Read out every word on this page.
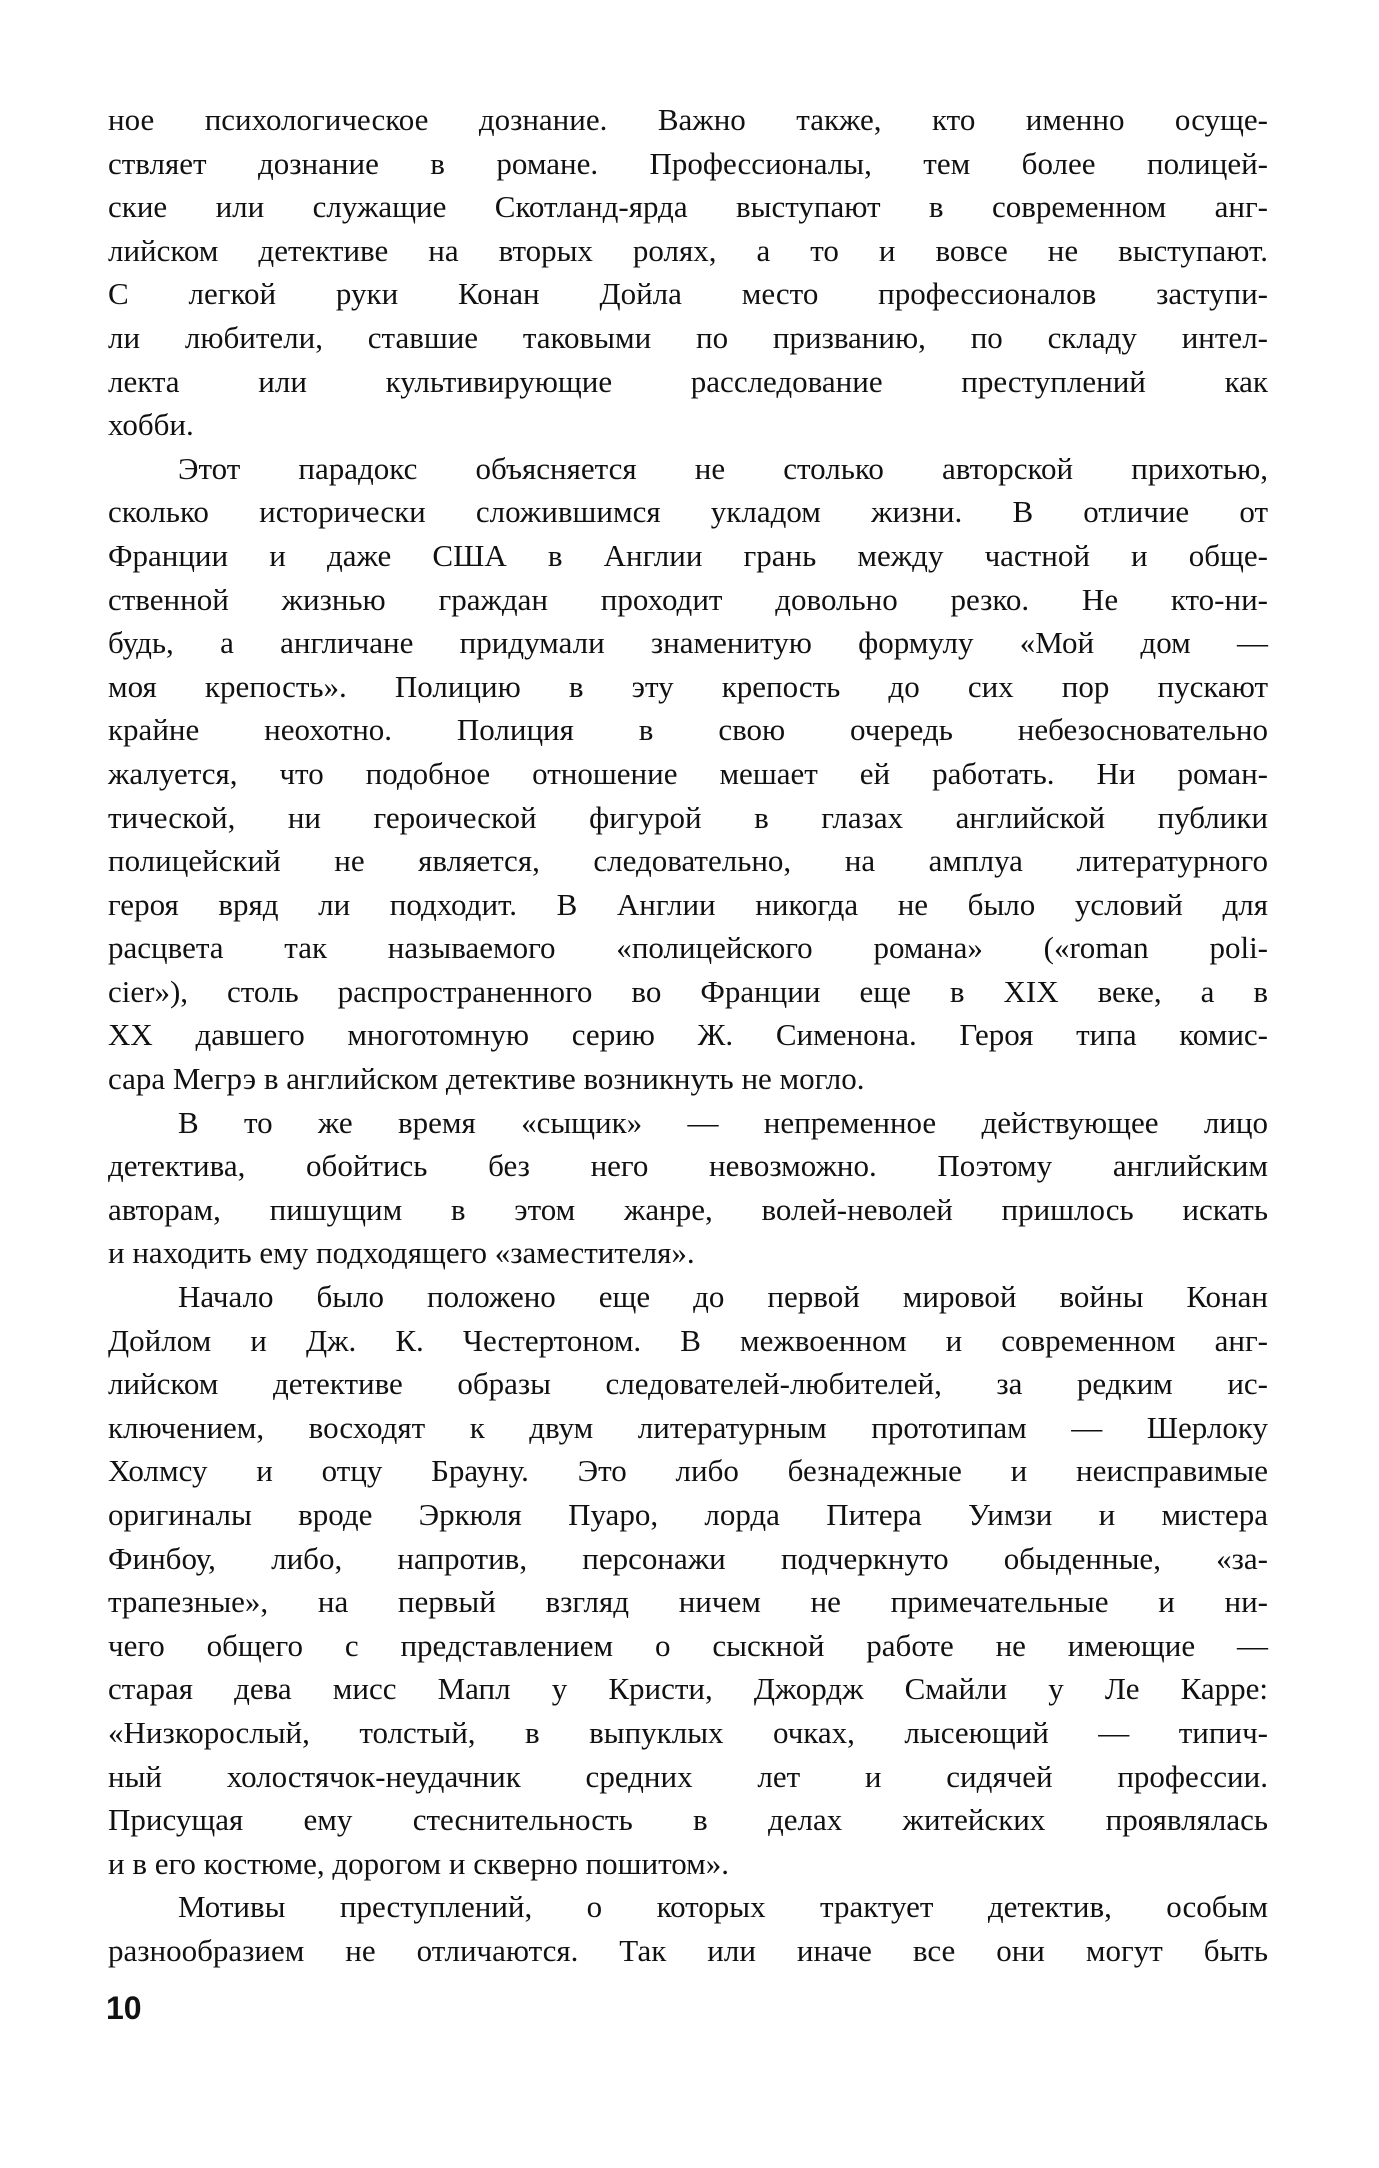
ное психологическое дознание. Важно также, кто именно осуще-
ствляет дознание в романе. Профессионалы, тем более полицей-
ские или служащие Скотланд-ярда выступают в современном анг-
лийском детективе на вторых ролях, а то и вовсе не выступают.
С легкой руки Конан Дойла место профессионалов заступи-
ли любители, ставшие таковыми по призванию, по складу интел-
лекта или культивирующие расследование преступлений как
хобби.
Этот парадокс объясняется не столько авторской прихотью,
сколько исторически сложившимся укладом жизни. В отличие от
Франции и даже США в Англии грань между частной и обще-
ственной жизнью граждан проходит довольно резко. Не кто-ни-
будь, а англичане придумали знаменитую формулу «Мой дом —
моя крепость». Полицию в эту крепость до сих пор пускают
крайне неохотно. Полиция в свою очередь небезосновательно
жалуется, что подобное отношение мешает ей работать. Ни роман-
тической, ни героической фигурой в глазах английской публики
полицейский не является, следовательно, на амплуа литературного
героя вряд ли подходит. В Англии никогда не было условий для
расцвета так называемого «полицейского романа» («roman poli-
cier»), столь распространенного во Франции еще в XIX веке, а в
XX давшего многотомную серию Ж. Сименона. Героя типа комис-
сара Мегрэ в английском детективе возникнуть не могло.
В то же время «сыщик» — непременное действующее лицо
детектива, обойтись без него невозможно. Поэтому английским
авторам, пишущим в этом жанре, волей-неволей пришлось искать
и находить ему подходящего «заместителя».
Начало было положено еще до первой мировой войны Конан
Дойлом и Дж. К. Честертоном. В межвоенном и современном анг-
лийском детективе образы следователей-любителей, за редким ис-
ключением, восходят к двум литературным прототипам — Шерлоку
Холмсу и отцу Брауну. Это либо безнадежные и неисправимые
оригиналы вроде Эркюля Пуаро, лорда Питера Уимзи и мистера
Финбоу, либо, напротив, персонажи подчеркнуто обыденные, «за-
трапезные», на первый взгляд ничем не примечательные и ни-
чего общего с представлением о сыскной работе не имеющие —
старая дева мисс Мапл у Кристи, Джордж Смайли у Ле Карре:
«Низкорослый, толстый, в выпуклых очках, лысеющий — типич-
ный холостячок-неудачник средних лет и сидячей профессии.
Присущая ему стеснительность в делах житейских проявлялась
и в его костюме, дорогом и скверно пошитом».
Мотивы преступлений, о которых трактует детектив, особым
разнообразием не отличаются. Так или иначе все они могут быть
10
